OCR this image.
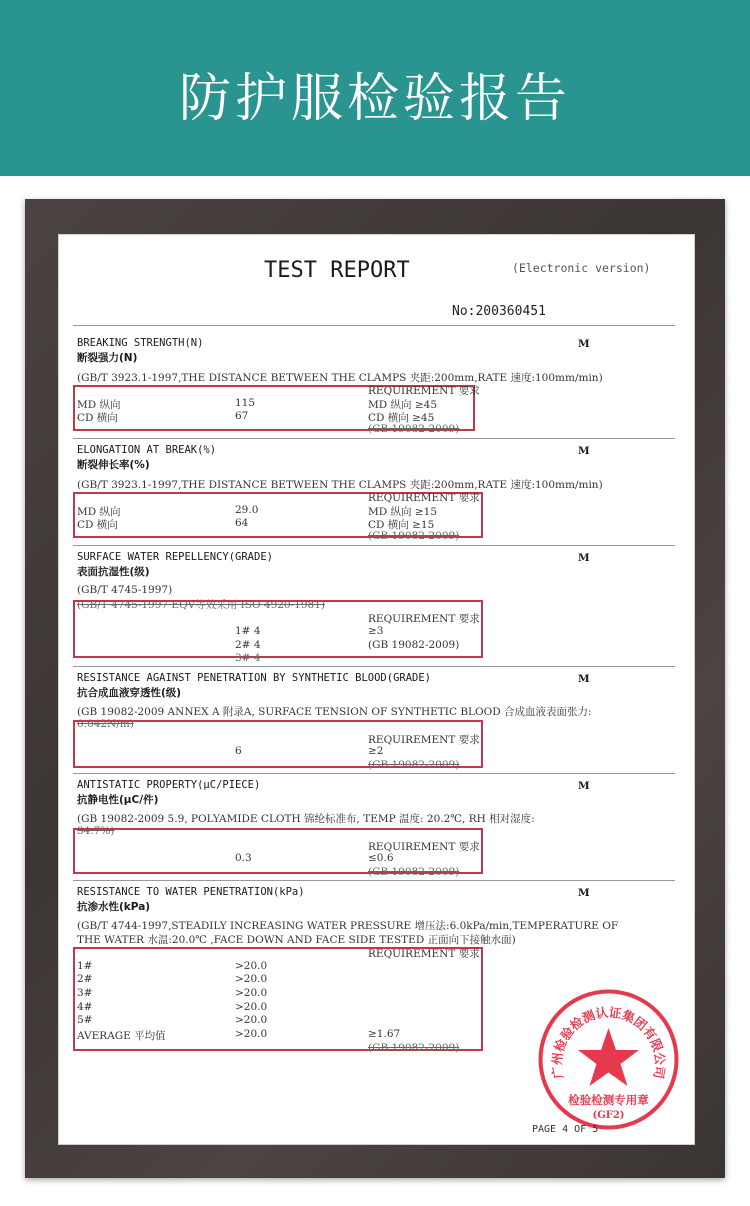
防护服检验报告
TEST REPORT	(Electronic version)
No:200360451
BREAKING STRENGTH(N)
断裂强力(N)
M
(GB/T 3923.1-1997,THE DISTANCE BETWEEN THE CLAMPS 夹距:200mm,RATE 速度:100mm/min)
REQUIREMENT 要求
MD 纵向	115	MD 纵向 ≥45
CD 横向	67	CD 横向 ≥45
(GB 19082-2009)
ELONGATION AT BREAK(%)
断裂伸长率(%)
M
(GB/T 3923.1-1997,THE DISTANCE BETWEEN THE CLAMPS 夹距:200mm,RATE 速度:100mm/min)
REQUIREMENT 要求
MD 纵向	29.0	MD 纵向 ≥15
CD 横向	64	CD 横向 ≥15
(GB 19082-2009)
SURFACE WATER REPELLENCY(GRADE)
表面抗湿性(级)
M
(GB/T 4745-1997)
(GB/T 4745-1997 EQV等效采用 ISO 4920-1981)
REQUIREMENT 要求
1# 4	≥3
2# 4	(GB 19082-2009)
3# 4
RESISTANCE AGAINST PENETRATION BY SYNTHETIC BLOOD(GRADE)
抗合成血液穿透性(级)
M
(GB 19082-2009 ANNEX A 附录A, SURFACE TENSION OF SYNTHETIC BLOOD 合成血液表面张力:
0.042N/m)
REQUIREMENT 要求
6	≥2
(GB 19082-2009)
ANTISTATIC PROPERTY(μC/PIECE)
抗静电性(μC/件)
M
(GB 19082-2009 5.9, POLYAMIDE CLOTH 锦纶标准布, TEMP 温度: 20.2℃, RH 相对湿度:
34.7%)
REQUIREMENT 要求
0.3	≤0.6
(GB 19082-2009)
RESISTANCE TO WATER PENETRATION(kPa)
抗渗水性(kPa)
M
(GB/T 4744-1997,STEADILY INCREASING WATER PRESSURE 增压法:6.0kPa/min,TEMPERATURE OF
THE WATER 水温:20.0℃ ,FACE DOWN AND FACE SIDE TESTED 正面向下接触水面)
REQUIREMENT 要求
1#	>20.0
2#	>20.0
3#	>20.0
4#	>20.0
5#	>20.0
AVERAGE 平均值	>20.0	≥1.67
(GB 19082-2009)
广州检验检测认证集团有限公司
检验检测专用章
(GF2)
PAGE 4 OF 5
